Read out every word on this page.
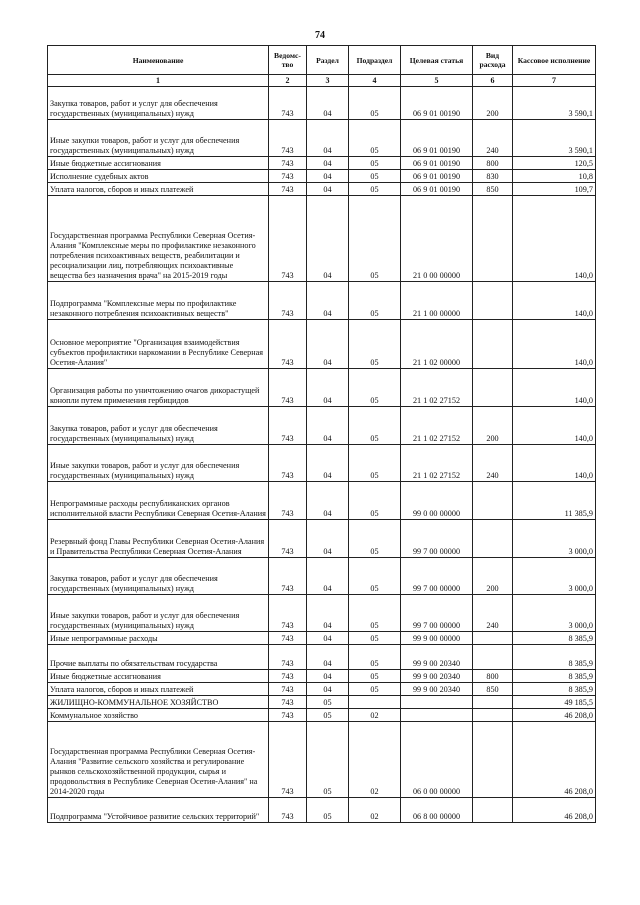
74
Наименование	Ведомс-тво	Раздел	Подраздел	Целевая статья	Вид расхода	Кассовое исполнение
1	2	3	4	5	6	7
Закупка товаров, работ и услуг для обеспечения государственных (муниципальных) нужд	743	04	05	06 9 01 00190	200	3 590,1
Иные закупки товаров, работ и услуг для обеспечения государственных (муниципальных) нужд	743	04	05	06 9 01 00190	240	3 590,1
Иные бюджетные ассигнования	743	04	05	06 9 01 00190	800	120,5
Исполнение судебных актов	743	04	05	06 9 01 00190	830	10,8
Уплата налогов, сборов и иных платежей	743	04	05	06 9 01 00190	850	109,7
Государственная программа Республики Северная Осетия-Алания "Комплексные меры по профилактике незаконного потребления психоактивных веществ, реабилитации и ресоциализации лиц, потребляющих психоактивные вещества без назначения врача" на 2015-2019 годы	743	04	05	21 0 00 00000		140,0
Подпрограмма "Комплексные меры по профилактике незаконного потребления психоактивных веществ"	743	04	05	21 1 00 00000		140,0
Основное мероприятие "Организация взаимодействия субъектов профилактики наркомании в Республике Северная Осетия-Алания"	743	04	05	21 1 02 00000		140,0
Организация работы по уничтожению очагов дикорастущей конопли путем применения гербицидов	743	04	05	21 1 02 27152		140,0
Закупка товаров, работ и услуг для обеспечения государственных (муниципальных) нужд	743	04	05	21 1 02 27152	200	140,0
Иные закупки товаров, работ и услуг для обеспечения государственных (муниципальных) нужд	743	04	05	21 1 02 27152	240	140,0
Непрограммные расходы республиканских органов исполнительной власти Республики Северная Осетия-Алания	743	04	05	99 0 00 00000		11 385,9
Резервный фонд Главы Республики Северная Осетия-Алания и Правительства Республики Северная Осетия-Алания	743	04	05	99 7 00 00000		3 000,0
Закупка товаров, работ и услуг для обеспечения государственных (муниципальных) нужд	743	04	05	99 7 00 00000	200	3 000,0
Иные закупки товаров, работ и услуг для обеспечения государственных (муниципальных) нужд	743	04	05	99 7 00 00000	240	3 000,0
Иные непрограммные расходы	743	04	05	99 9 00 00000		8 385,9
Прочие выплаты по обязательствам государства	743	04	05	99 9 00 20340		8 385,9
Иные бюджетные ассигнования	743	04	05	99 9 00 20340	800	8 385,9
Уплата налогов, сборов и иных платежей	743	04	05	99 9 00 20340	850	8 385,9
ЖИЛИЩНО-КОММУНАЛЬНОЕ ХОЗЯЙСТВО	743	05				49 185,5
Коммунальное хозяйство	743	05	02			46 208,0
Государственная программа Республики Северная Осетия-Алания "Развитие сельского хозяйства и регулирование рынков сельскохозяйственной продукции, сырья и продовольствия в Республике Северная Осетия-Алания" на 2014-2020 годы	743	05	02	06 0 00 00000		46 208,0
Подпрограмма "Устойчивое развитие сельских территорий"	743	05	02	06 8 00 00000		46 208,0
